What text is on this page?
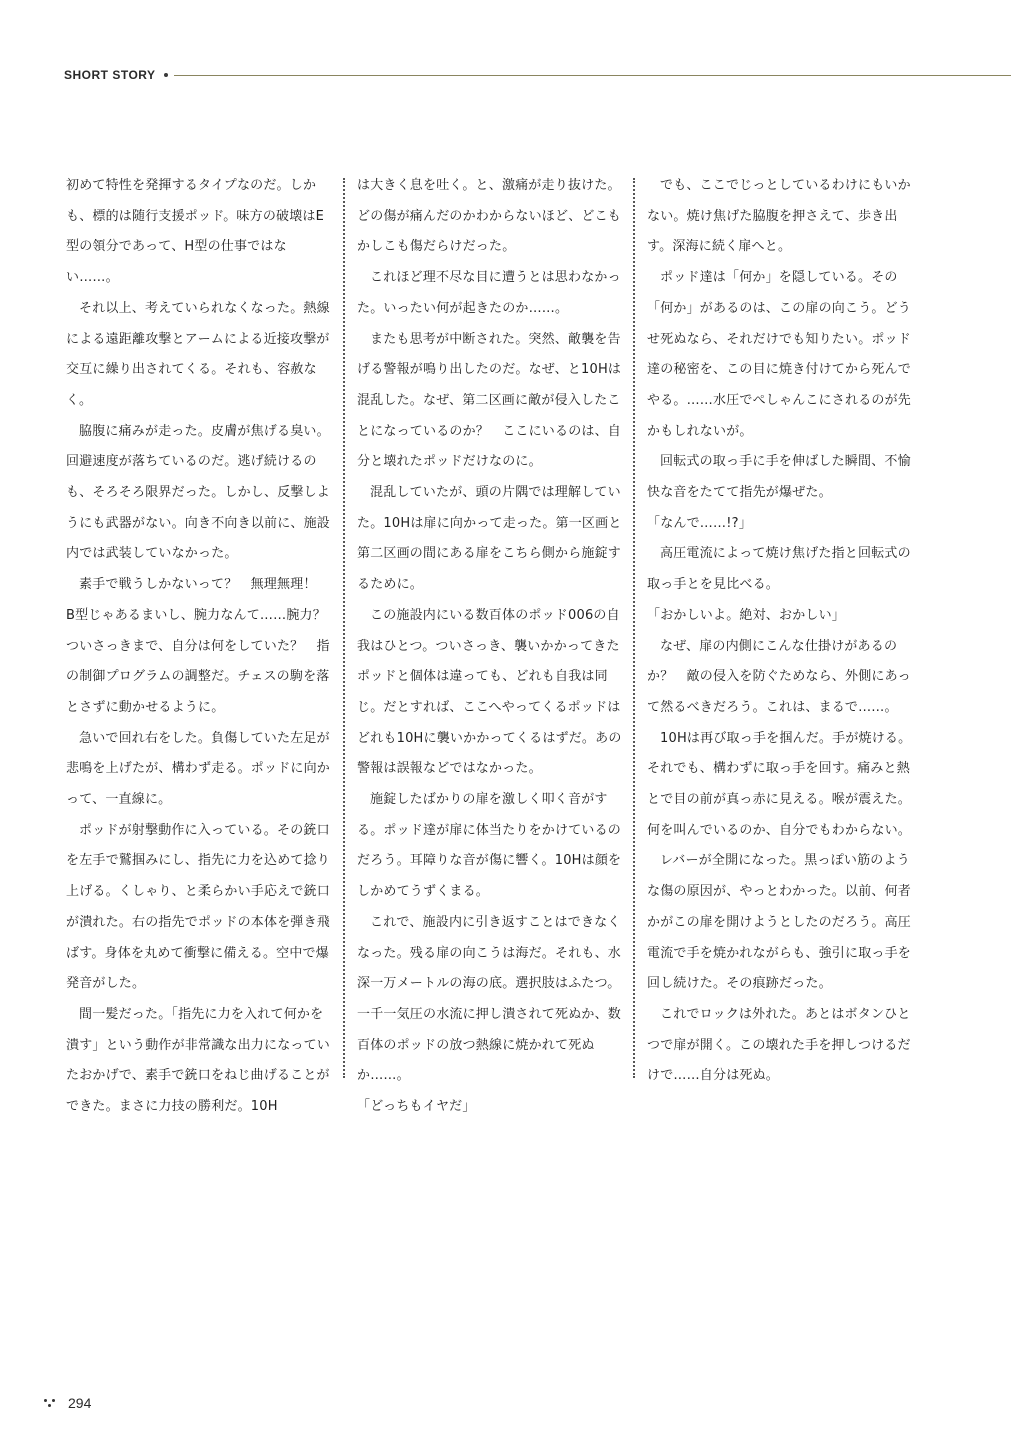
SHORT STORY

初めて特性を発揮するタイプなのだ。しかも、標的は随行支援ポッド。味方の破壊はE型の領分であって、H型の仕事ではない……。

それ以上、考えていられなくなった。熱線による遠距離攻撃とアームによる近接攻撃が交互に繰り出されてくる。それも、容赦なく。

脇腹に痛みが走った。皮膚が焦げる臭い。回避速度が落ちているのだ。逃げ続けるのも、そろそろ限界だった。しかし、反撃しようにも武器がない。向き不向き以前に、施設内では武装していなかった。

素手で戦うしかないって？　無理無理！　B型じゃあるまいし、腕力なんて……腕力？　ついさっきまで、自分は何をしていた？　指の制御プログラムの調整だ。チェスの駒を落とさずに動かせるように。

急いで回れ右をした。負傷していた左足が悲鳴を上げたが、構わず走る。ポッドに向かって、一直線に。

ポッドが射撃動作に入っている。その銃口を左手で鷲掴みにし、指先に力を込めて捻り上げる。くしゃり、と柔らかい手応えで銃口が潰れた。右の指先でポッドの本体を弾き飛ばす。身体を丸めて衝撃に備える。空中で爆発音がした。

間一髪だった。「指先に力を入れて何かを潰す」という動作が非常識な出力になっていたおかげで、素手で銃口をねじ曲げることができた。まさに力技の勝利だ。10H

は大きく息を吐く。と、激痛が走り抜けた。どの傷が痛んだのかわからないほど、どこもかしこも傷だらけだった。

これほど理不尽な目に遭うとは思わなかった。いったい何が起きたのか……。

またも思考が中断された。突然、敵襲を告げる警報が鳴り出したのだ。なぜ、と10Hは混乱した。なぜ、第二区画に敵が侵入したことになっているのか？　ここにいるのは、自分と壊れたポッドだけなのに。

混乱していたが、頭の片隅では理解していた。10Hは扉に向かって走った。第一区画と第二区画の間にある扉をこちら側から施錠するために。

この施設内にいる数百体のポッド006の自我はひとつ。ついさっき、襲いかかってきたポッドと個体は違っても、どれも自我は同じ。だとすれば、ここへやってくるポッドはどれも10Hに襲いかかってくるはずだ。あの警報は誤報などではなかった。

施錠したばかりの扉を激しく叩く音がする。ポッド達が扉に体当たりをかけているのだろう。耳障りな音が傷に響く。10Hは顔をしかめてうずくまる。

これで、施設内に引き返すことはできなくなった。残る扉の向こうは海だ。それも、水深一万メートルの海の底。選択肢はふたつ。一千一気圧の水流に押し潰されて死ぬか、数百体のポッドの放つ熱線に焼かれて死ぬか……。

「どっちもイヤだ」

でも、ここでじっとしているわけにもいかない。焼け焦げた脇腹を押さえて、歩き出す。深海に続く扉へと。

ポッド達は「何か」を隠している。その「何か」があるのは、この扉の向こう。どうせ死ぬなら、それだけでも知りたい。ポッド達の秘密を、この目に焼き付けてから死んでやる。……水圧でぺしゃんこにされるのが先かもしれないが。

回転式の取っ手に手を伸ばした瞬間、不愉快な音をたてて指先が爆ぜた。

「なんで……!?」

高圧電流によって焼け焦げた指と回転式の取っ手とを見比べる。

「おかしいよ。絶対、おかしい」

なぜ、扉の内側にこんな仕掛けがあるのか？　敵の侵入を防ぐためなら、外側にあって然るべきだろう。これは、まるで……。

10Hは再び取っ手を掴んだ。手が焼ける。それでも、構わずに取っ手を回す。痛みと熱とで目の前が真っ赤に見える。喉が震えた。何を叫んでいるのか、自分でもわからない。

レバーが全開になった。黒っぽい筋のような傷の原因が、やっとわかった。以前、何者かがこの扉を開けようとしたのだろう。高圧電流で手を焼かれながらも、強引に取っ手を回し続けた。その痕跡だった。

これでロックは外れた。あとはボタンひとつで扉が開く。この壊れた手を押しつけるだけで……自分は死ぬ。

294
